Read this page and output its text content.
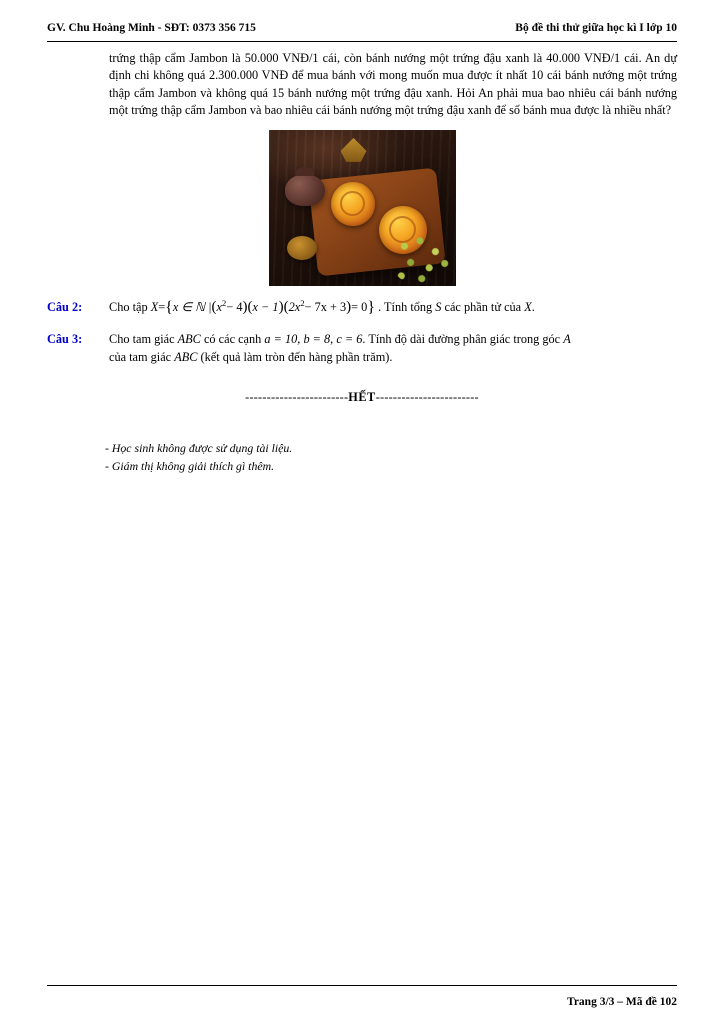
GV. Chu Hoàng Minh - SĐT: 0373 356 715	Bộ đề thi thử giữa học kì I lớp 10

trứng thập cẩm Jambon là 50.000 VNĐ/1 cái, còn bánh nướng một trứng đậu xanh là 40.000 VNĐ/1 cái. An dự định chi không quá 2.300.000 VNĐ để mua bánh với mong muốn mua được ít nhất 10 cái bánh nướng một trứng thập cẩm Jambon và không quá 15 bánh nướng một trứng đậu xanh. Hỏi An phải mua bao nhiêu cái bánh nướng một trứng thập cẩm Jambon và bao nhiêu cái bánh nướng một trứng đậu xanh để số bánh mua được là nhiều nhất?

Câu 2:	Cho tập X={x ∈ ℕ $|(x^2- 4)(x - 1)(2x^2- 7x + 3)= 0$} . Tính tổng S các phần tử của X.
Câu 3:	Cho tam giác ABC có các cạnh a = 10, b = 8, c = 6. Tính độ dài đường phân giác trong góc A
của tam giác ABC (kết quả làm tròn đến hàng phần trăm).
------------------------HẾT------------------------
- Học sinh không được sử dụng tài liệu.
- Giám thị không giải thích gì thêm.
Trang 3/3 – Mã đề 102
